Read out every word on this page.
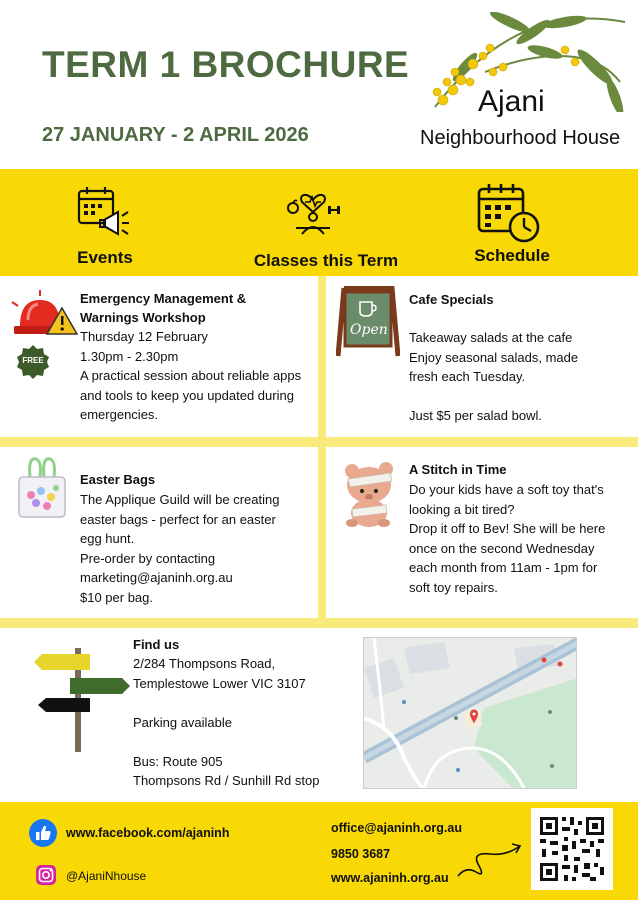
TERM 1 BROCHURE
27 JANUARY - 2 APRIL 2026
Ajani
Neighbourhood House
Events	Classes this Term	Schedule
FREE
Emergency Management &
Warnings Workshop
Thursday 12 February
1.30pm - 2.30pm
A practical session about reliable apps
and tools to keep you updated during
emergencies.
Open
Cafe Specials
Takeaway salads at the cafe
Enjoy seasonal salads, made
fresh each Tuesday.
Just $5 per salad bowl.
Easter Bags
The Applique Guild will be creating
easter bags - perfect for an easter
egg hunt.
Pre-order by contacting
marketing@ajaninh.org.au
$10 per bag.
A Stitch in Time
Do your kids have a soft toy that's
looking a bit tired?
Drop it off to Bev! She will be here
once on the second Wednesday
each month from 11am - 1pm for
soft toy repairs.
Find us
2/284 Thompsons Road,
Templestowe Lower VIC 3107
Parking available
Bus: Route 905
Thompsons Rd / Sunhill Rd stop
www.facebook.com/ajaninh
@AjaniNhouse
office@ajaninh.org.au
9850 3687
www.ajaninh.org.au
